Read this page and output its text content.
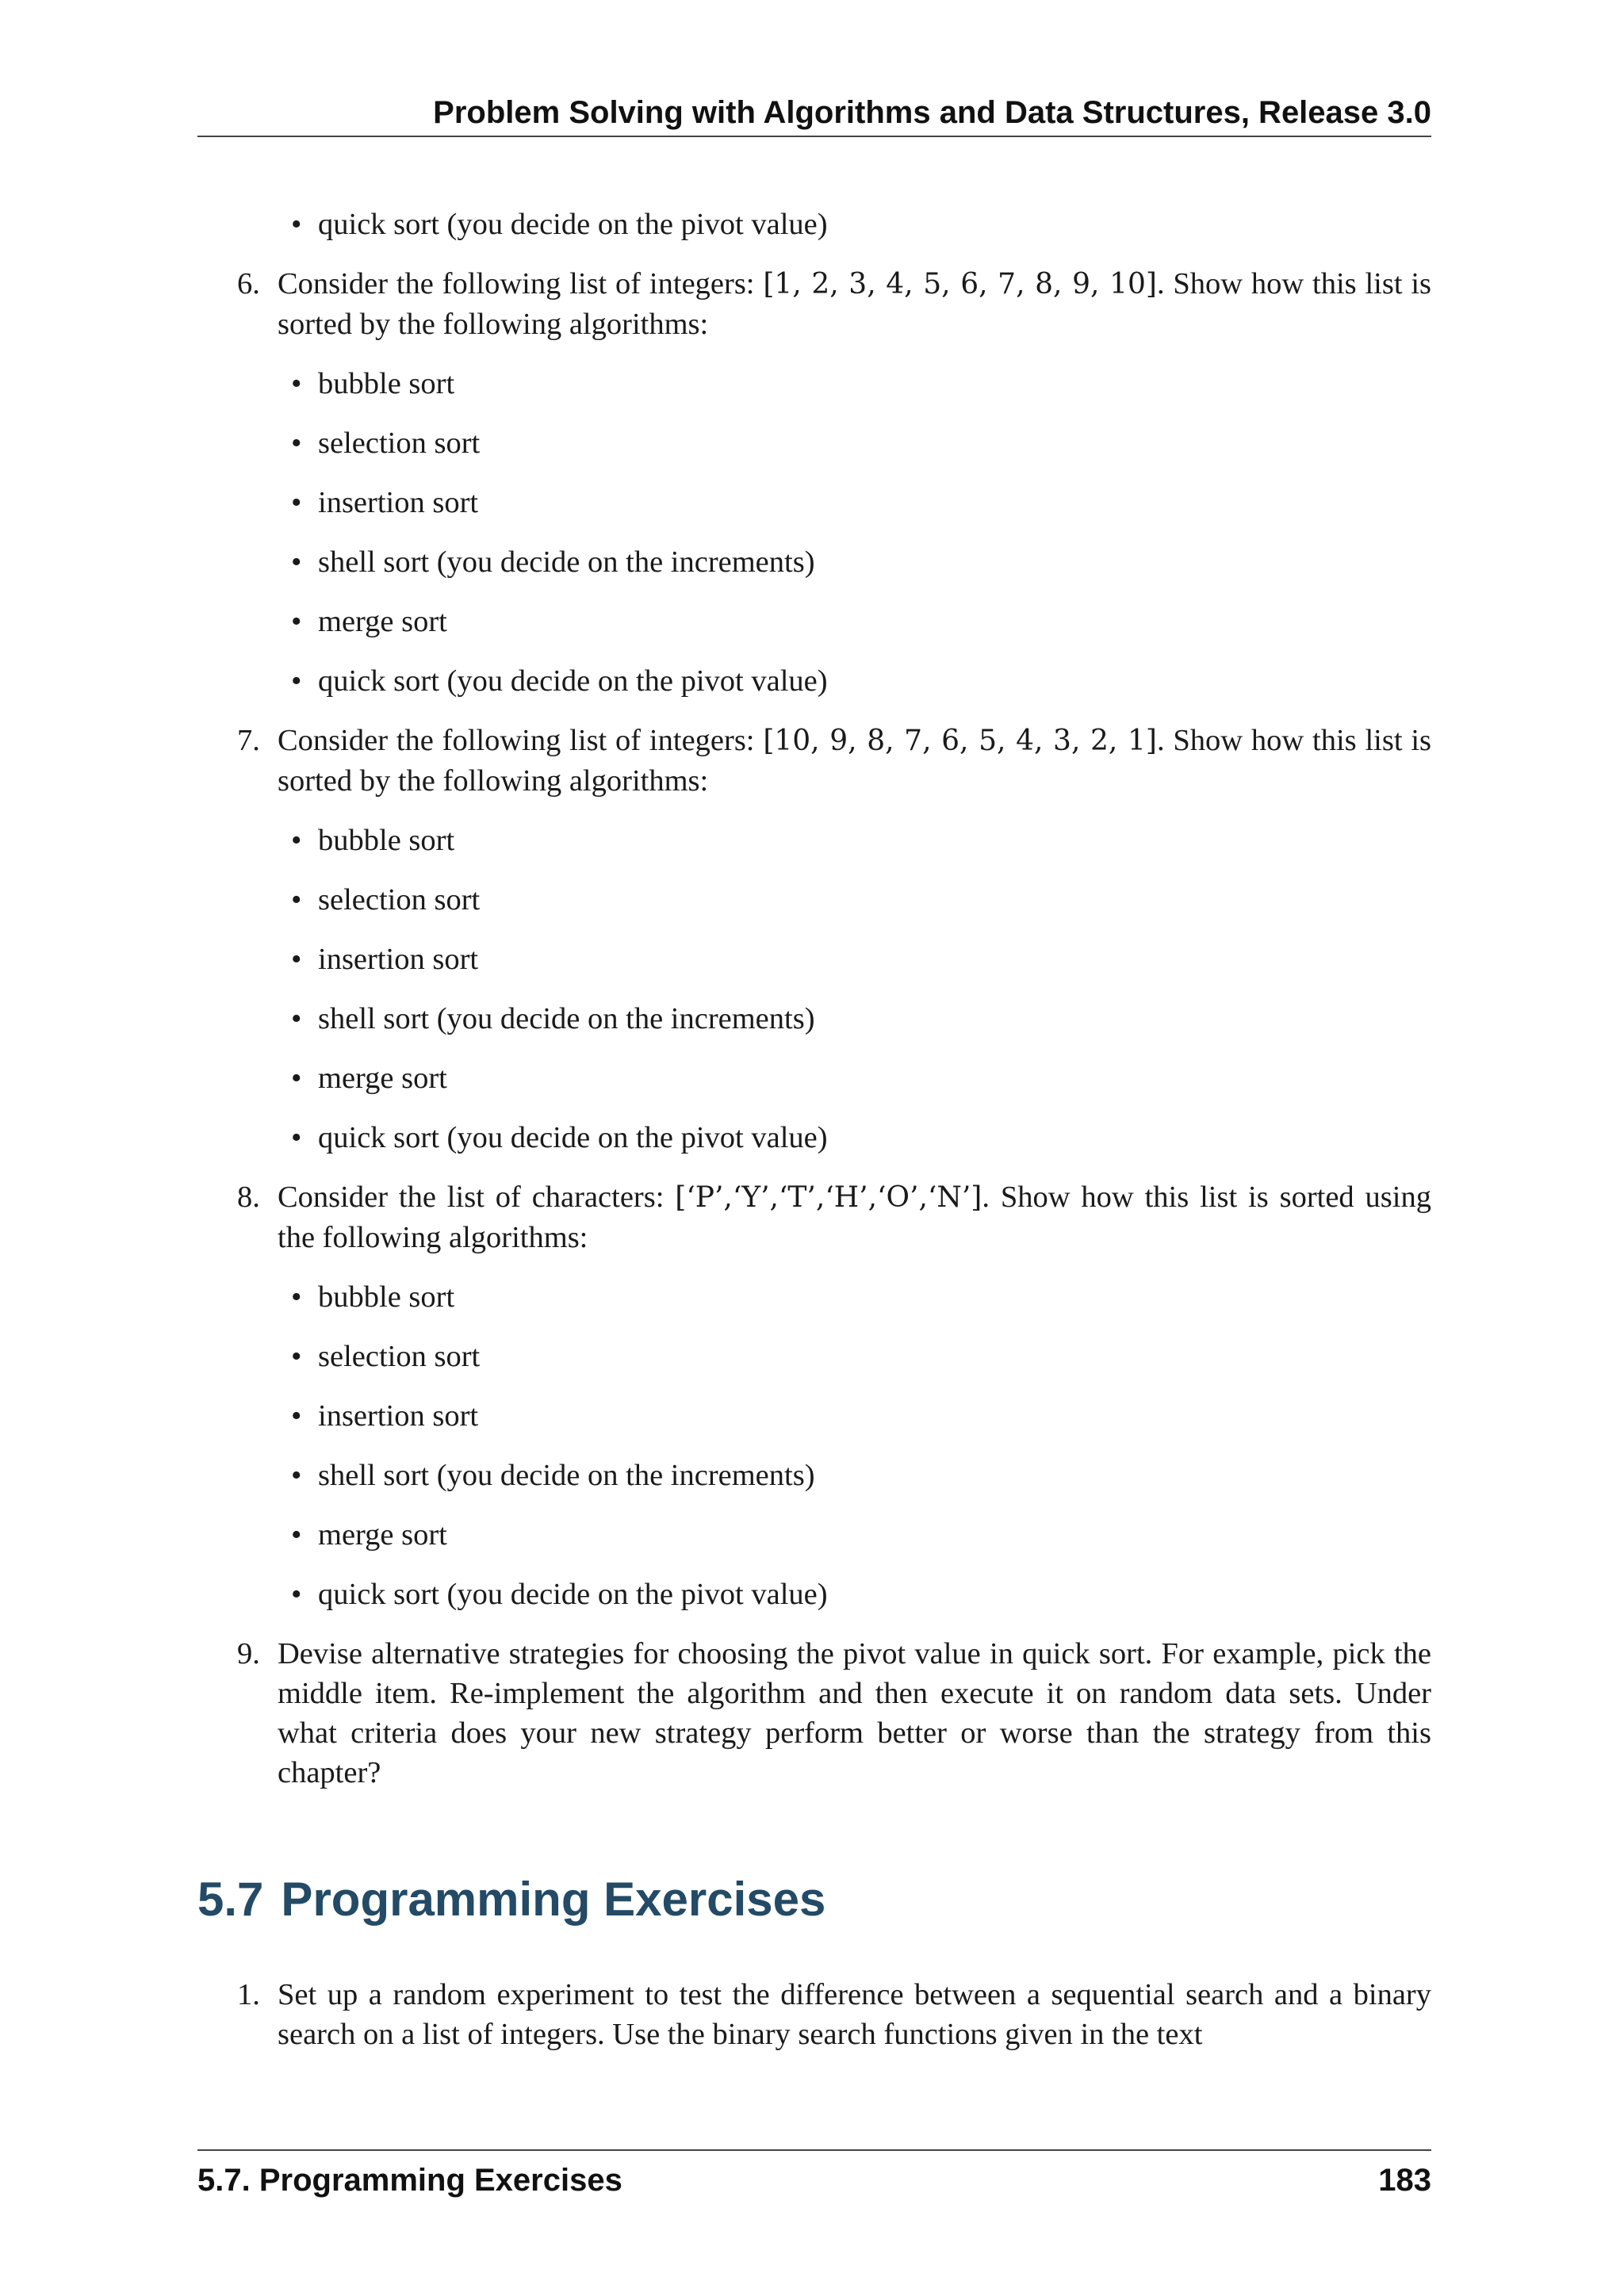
Problem Solving with Algorithms and Data Structures, Release 3.0
• quick sort (you decide on the pivot value)
6. Consider the following list of integers: [1, 2, 3, 4, 5, 6, 7, 8, 9, 10]. Show how this list is sorted by the following algorithms:
• bubble sort
• selection sort
• insertion sort
• shell sort (you decide on the increments)
• merge sort
• quick sort (you decide on the pivot value)
7. Consider the following list of integers: [10, 9, 8, 7, 6, 5, 4, 3, 2, 1]. Show how this list is sorted by the following algorithms:
• bubble sort
• selection sort
• insertion sort
• shell sort (you decide on the increments)
• merge sort
• quick sort (you decide on the pivot value)
8. Consider the list of characters: [‘P’,‘Y’,‘T’,‘H’,‘O’,‘N’]. Show how this list is sorted using the following algorithms:
• bubble sort
• selection sort
• insertion sort
• shell sort (you decide on the increments)
• merge sort
• quick sort (you decide on the pivot value)
9. Devise alternative strategies for choosing the pivot value in quick sort. For example, pick the middle item. Re-implement the algorithm and then execute it on random data sets. Under what criteria does your new strategy perform better or worse than the strategy from this chapter?
5.7 Programming Exercises
1. Set up a random experiment to test the difference between a sequential search and a binary search on a list of integers. Use the binary search functions given in the text
5.7. Programming Exercises	183
